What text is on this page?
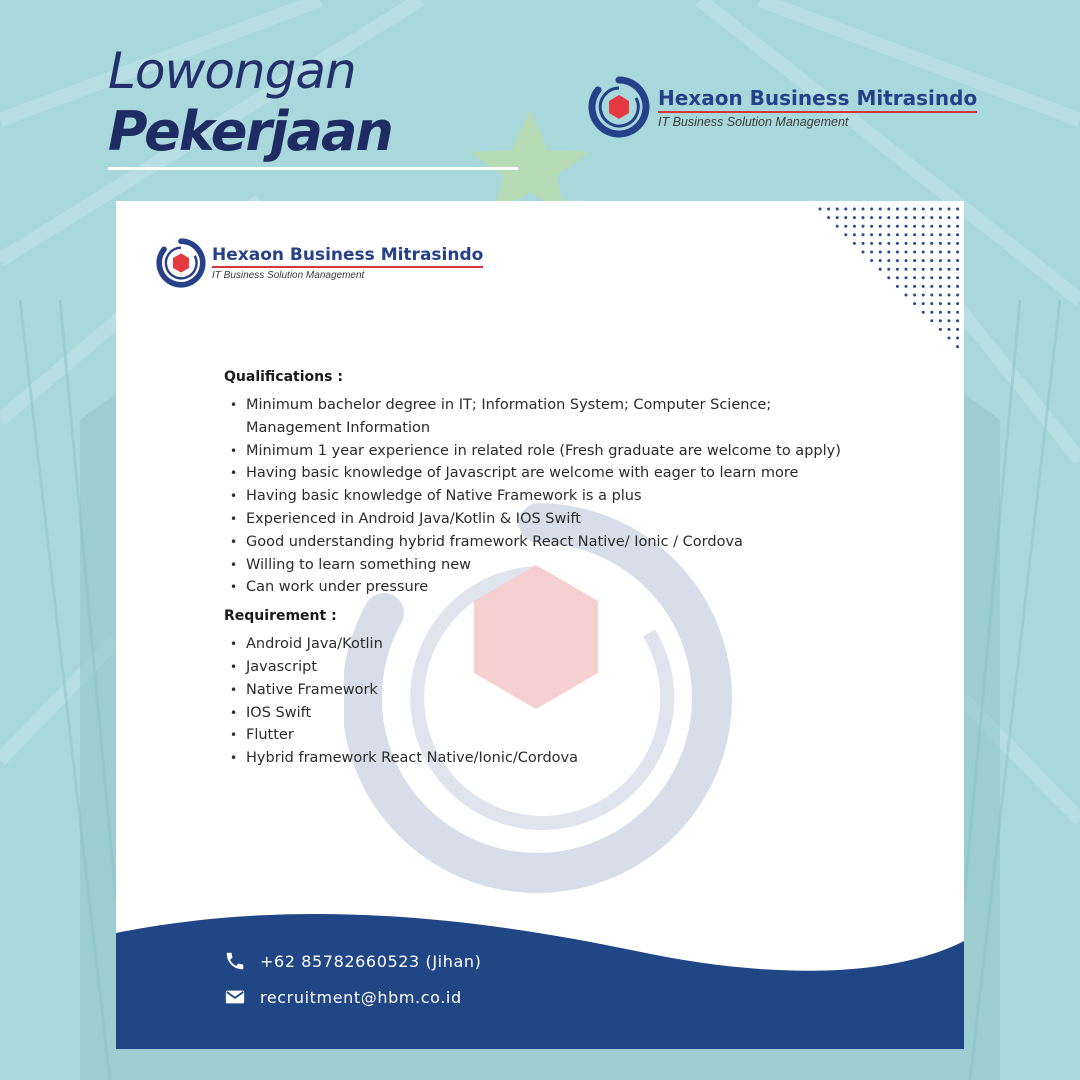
Lowongan
Pekerjaan
Hexaon Business Mitrasindo
IT Business Solution Management
Hexaon Business Mitrasindo
IT Business Solution Management
Qualifications :
• Minimum bachelor degree in IT; Information System; Computer Science; Management Information
• Minimum 1 year experience in related role (Fresh graduate are welcome to apply)
• Having basic knowledge of Javascript are welcome with eager to learn more
• Having basic knowledge of Native Framework is a plus
• Experienced in Android Java/Kotlin & IOS Swift
• Good understanding hybrid framework React Native/ Ionic / Cordova
• Willing to learn something new
• Can work under pressure
Requirement :
• Android Java/Kotlin
• Javascript
• Native Framework
• IOS Swift
• Flutter
• Hybrid framework React Native/Ionic/Cordova
+62 85782660523 (Jihan)
recruitment@hbm.co.id
